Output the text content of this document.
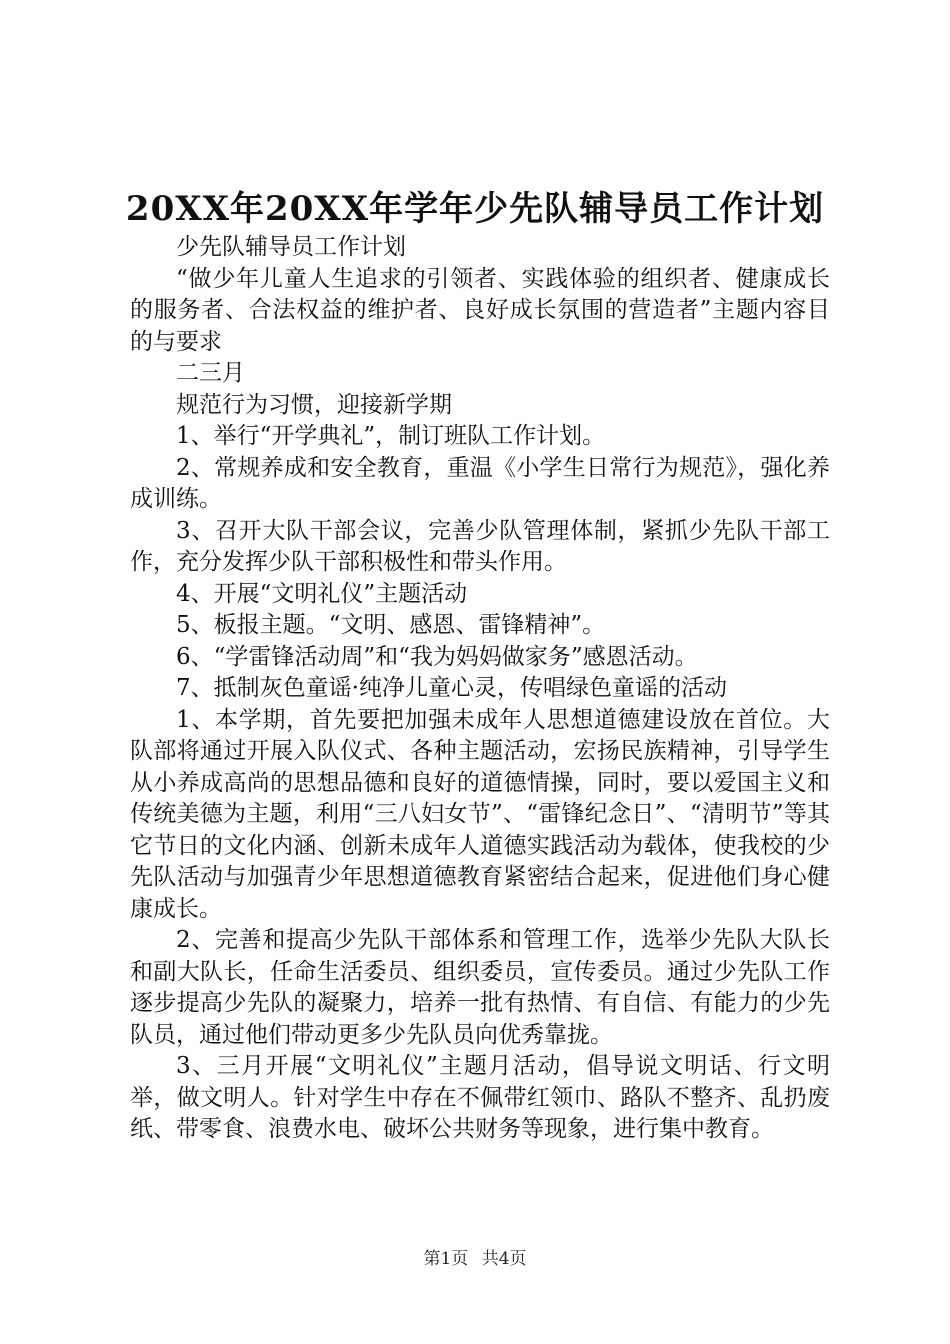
20XX年20XX年学年少先队辅导员工作计划

少先队辅导员工作计划

“做少年儿童人生追求的引领者、实践体验的组织者、健康成长的服务者、合法权益的维护者、良好成长氛围的营造者”主题内容目的与要求

二三月

规范行为习惯，迎接新学期

1、举行“开学典礼”，制订班队工作计划。

2、常规养成和安全教育，重温《小学生日常行为规范》，强化养成训练。

3、召开大队干部会议，完善少队管理体制，紧抓少先队干部工作，充分发挥少队干部积极性和带头作用。

4、开展“文明礼仪”主题活动

5、板报主题。“文明、感恩、雷锋精神”。

6、“学雷锋活动周”和“我为妈妈做家务”感恩活动。

7、抵制灰色童谣·纯净儿童心灵，传唱绿色童谣的活动

1、本学期，首先要把加强未成年人思想道德建设放在首位。大队部将通过开展入队仪式、各种主题活动，宏扬民族精神，引导学生从小养成高尚的思想品德和良好的道德情操，同时，要以爱国主义和传统美德为主题，利用“三八妇女节”、“雷锋纪念日”、“清明节”等其它节日的文化内涵、创新未成年人道德实践活动为载体，使我校的少先队活动与加强青少年思想道德教育紧密结合起来，促进他们身心健康成长。

2、完善和提高少先队干部体系和管理工作，选举少先队大队长和副大队长，任命生活委员、组织委员，宣传委员。通过少先队工作逐步提高少先队的凝聚力，培养一批有热情、有自信、有能力的少先队员，通过他们带动更多少先队员向优秀靠拢。

3、三月开展“文明礼仪”主题月活动，倡导说文明话、行文明举，做文明人。针对学生中存在不佩带红领巾、路队不整齐、乱扔废纸、带零食、浪费水电、破坏公共财务等现象，进行集中教育。

第1页 共4页
